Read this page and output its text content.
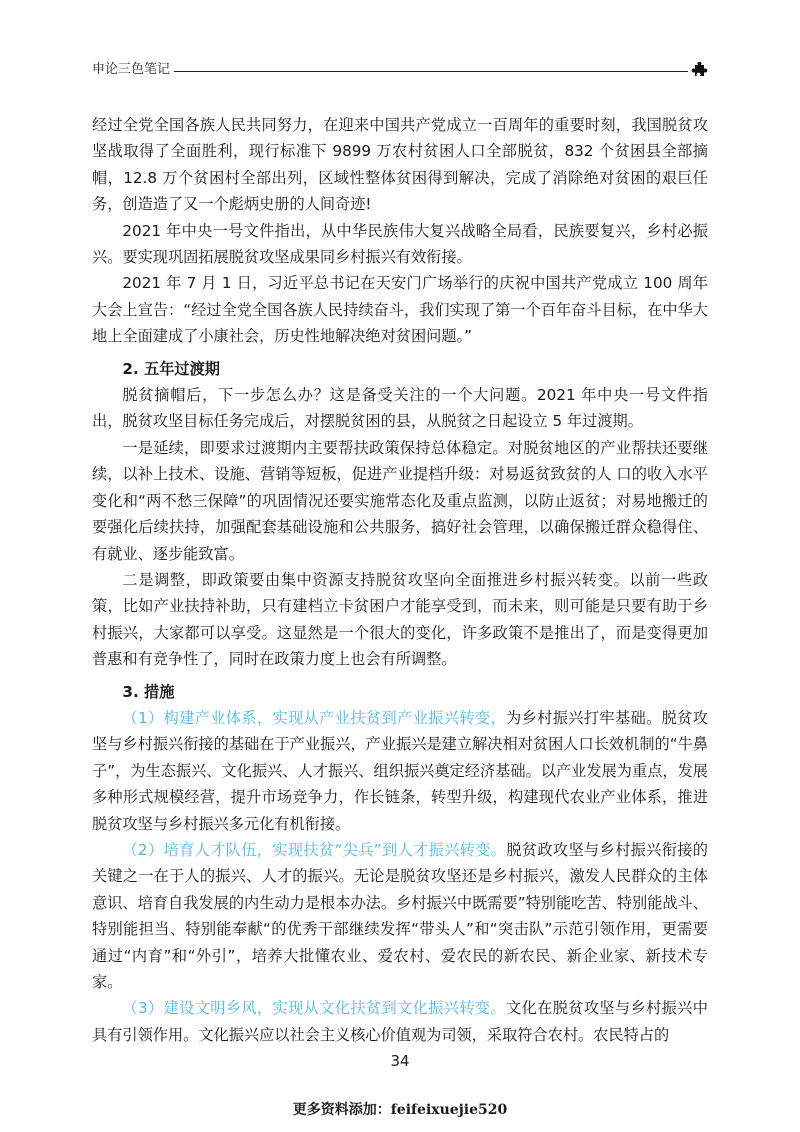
申论三色笔记

经过全党全国各族人民共同努力，在迎来中国共产党成立一百周年的重要时刻，我国脱贫攻坚战取得了全面胜利，现行标准下 9899 万农村贫困人口全部脱贫，832 个贫困县全部摘帽，12.8 万个贫困村全部出列，区域性整体贫困得到解决，完成了消除绝对贫困的艰巨任务，创造造了又一个彪炳史册的人间奇迹!

2021 年中央一号文件指出，从中华民族伟大复兴战略全局看，民族要复兴，乡村必振兴。要实现巩固拓展脱贫攻坚成果同乡村振兴有效衔接。

2021 年 7 月 1 日，习近平总书记在天安门广场举行的庆祝中国共产党成立 100 周年大会上宣告：“经过全党全国各族人民持续奋斗，我们实现了第一个百年奋斗目标，在中华大地上全面建成了小康社会，历史性地解决绝对贫困问题。”

2. 五年过渡期

脱贫摘帽后，下一步怎么办？这是备受关注的一个大问题。2021 年中央一号文件指出，脱贫攻坚目标任务完成后，对摆脱贫困的县，从脱贫之日起设立 5 年过渡期。

一是延续，即要求过渡期内主要帮扶政策保持总体稳定。对脱贫地区的产业帮扶还要继续，以补上技术、设施、营销等短板，促进产业提档升级：对易返贫致贫的人 口的收入水平变化和“两不愁三保障”的巩固情况还要实施常态化及重点监测，以防止返贫；对易地搬迁的要强化后续扶持，加强配套基础设施和公共服务，搞好社会管理，以确保搬迁群众稳得住、有就业、逐步能致富。

二是调整，即政策要由集中资源支持脱贫攻坚向全面推进乡村振兴转变。以前一些政策，比如产业扶持补助，只有建档立卡贫困户才能享受到，而未来，则可能是只要有助于乡村振兴，大家都可以享受。这显然是一个很大的变化，许多政策不是推出了，而是变得更加普惠和有竞争性了，同时在政策力度上也会有所调整。

3. 措施

（1）构建产业体系，实现从产业扶贫到产业振兴转变，为乡村振兴打牢基础。脱贫攻坚与乡村振兴衔接的基础在于产业振兴，产业振兴是建立解决相对贫困人口长效机制的“牛鼻子”，为生态振兴、文化振兴、人才振兴、组织振兴奠定经济基础。以产业发展为重点，发展多种形式规模经营，提升市场竞争力，作长链条，转型升级，构建现代农业产业体系，推进脱贫攻坚与乡村振兴多元化有机衔接。

（2）培育人才队伍，实现扶贫“尖兵”到人才振兴转变。脱贫政攻坚与乡村振兴衔接的关键之一在于人的振兴、人才的振兴。无论是脱贫攻坚还是乡村振兴，激发人民群众的主体意识、培育自我发展的内生动力是根本办法。乡村振兴中既需要”特别能吃苦、特别能战斗、特别能担当、特别能奉献“的优秀干部继续发挥“带头人”和“突击队”示范引领作用，更需要通过“内育”和“外引”，培养大批懂农业、爱农村、爱农民的新农民、新企业家、新技术专家。

（3）建设文明乡风，实现从文化扶贫到文化振兴转变。文化在脱贫攻坚与乡村振兴中具有引领作用。文化振兴应以社会主义核心价值观为司领，采取符合农村。农民特占的

34
更多资料添加：feifeixuejie520
